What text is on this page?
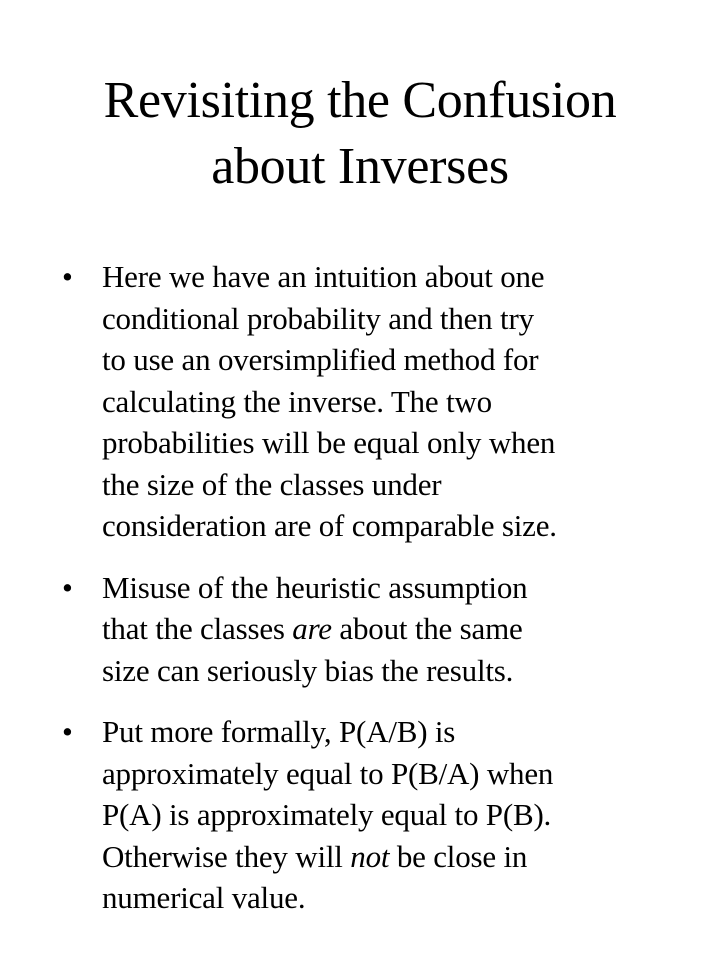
Revisiting the Confusion
about Inverses
• Here we have an intuition about one
conditional probability and then try
to use an oversimplified method for
calculating the inverse. The two
probabilities will be equal only when
the size of the classes under
consideration are of comparable size.
• Misuse of the heuristic assumption
that the classes are about the same
size can seriously bias the results.
• Put more formally, P(A/B) is
approximately equal to P(B/A) when
P(A) is approximately equal to P(B).
Otherwise they will not be close in
numerical value.
